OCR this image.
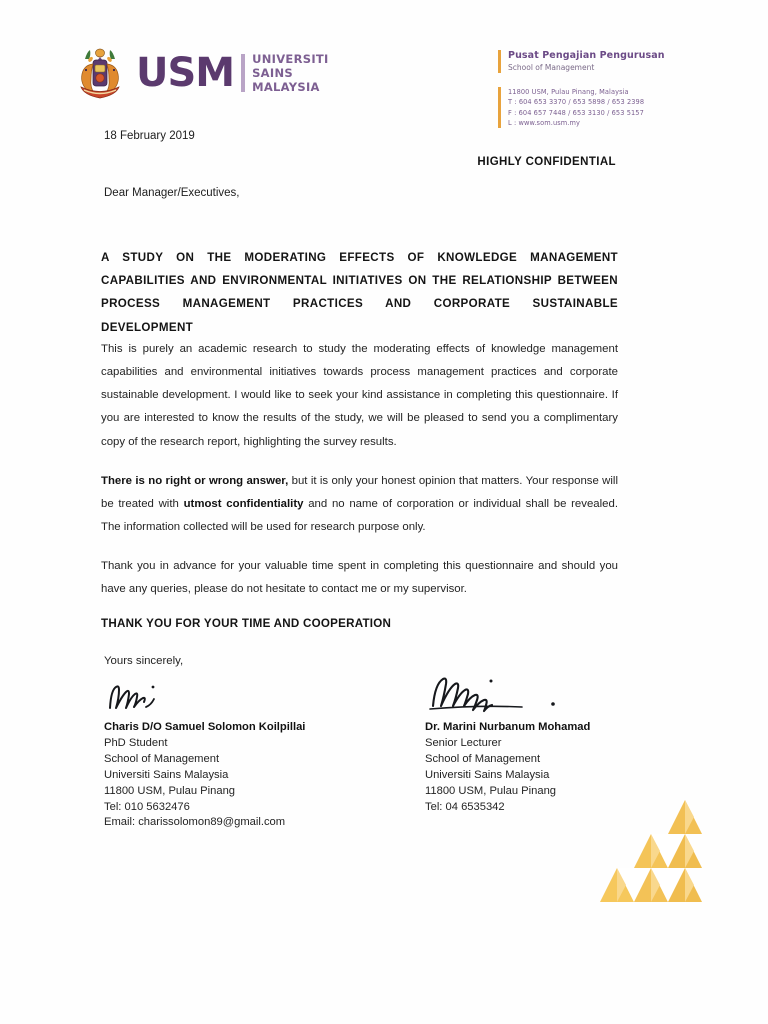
USM UNIVERSITI
SAINS
MALAYSIA
Pusat Pengajian Pengurusan
School of Management
11800 USM, Pulau Pinang, Malaysia
T : 604 653 3370 / 653 5898 / 653 2398
F : 604 657 7448 / 653 3130 / 653 5157
L : www.som.usm.my
18 February 2019
HIGHLY CONFIDENTIAL
Dear Manager/Executives,
A STUDY ON THE MODERATING EFFECTS OF KNOWLEDGE MANAGEMENT CAPABILITIES AND ENVIRONMENTAL INITIATIVES ON THE RELATIONSHIP BETWEEN PROCESS MANAGEMENT PRACTICES AND CORPORATE SUSTAINABLE DEVELOPMENT

This is purely an academic research to study the moderating effects of knowledge management capabilities and environmental initiatives towards process management practices and corporate sustainable development. I would like to seek your kind assistance in completing this questionnaire. If you are interested to know the results of the study, we will be pleased to send you a complimentary copy of the research report, highlighting the survey results.

There is no right or wrong answer, but it is only your honest opinion that matters. Your response will be treated with utmost confidentiality and no name of corporation or individual shall be revealed. The information collected will be used for research purpose only.

Thank you in advance for your valuable time spent in completing this questionnaire and should you have any queries, please do not hesitate to contact me or my supervisor.

THANK YOU FOR YOUR TIME AND COOPERATION

Yours sincerely,
Charis D/O Samuel Solomon Koilpillai
PhD Student
School of Management
Universiti Sains Malaysia
11800 USM, Pulau Pinang
Tel: 010 5632476
Email: charissolomon89@gmail.com
Dr. Marini Nurbanum Mohamad
Senior Lecturer
School of Management
Universiti Sains Malaysia
11800 USM, Pulau Pinang
Tel: 04 6535342
